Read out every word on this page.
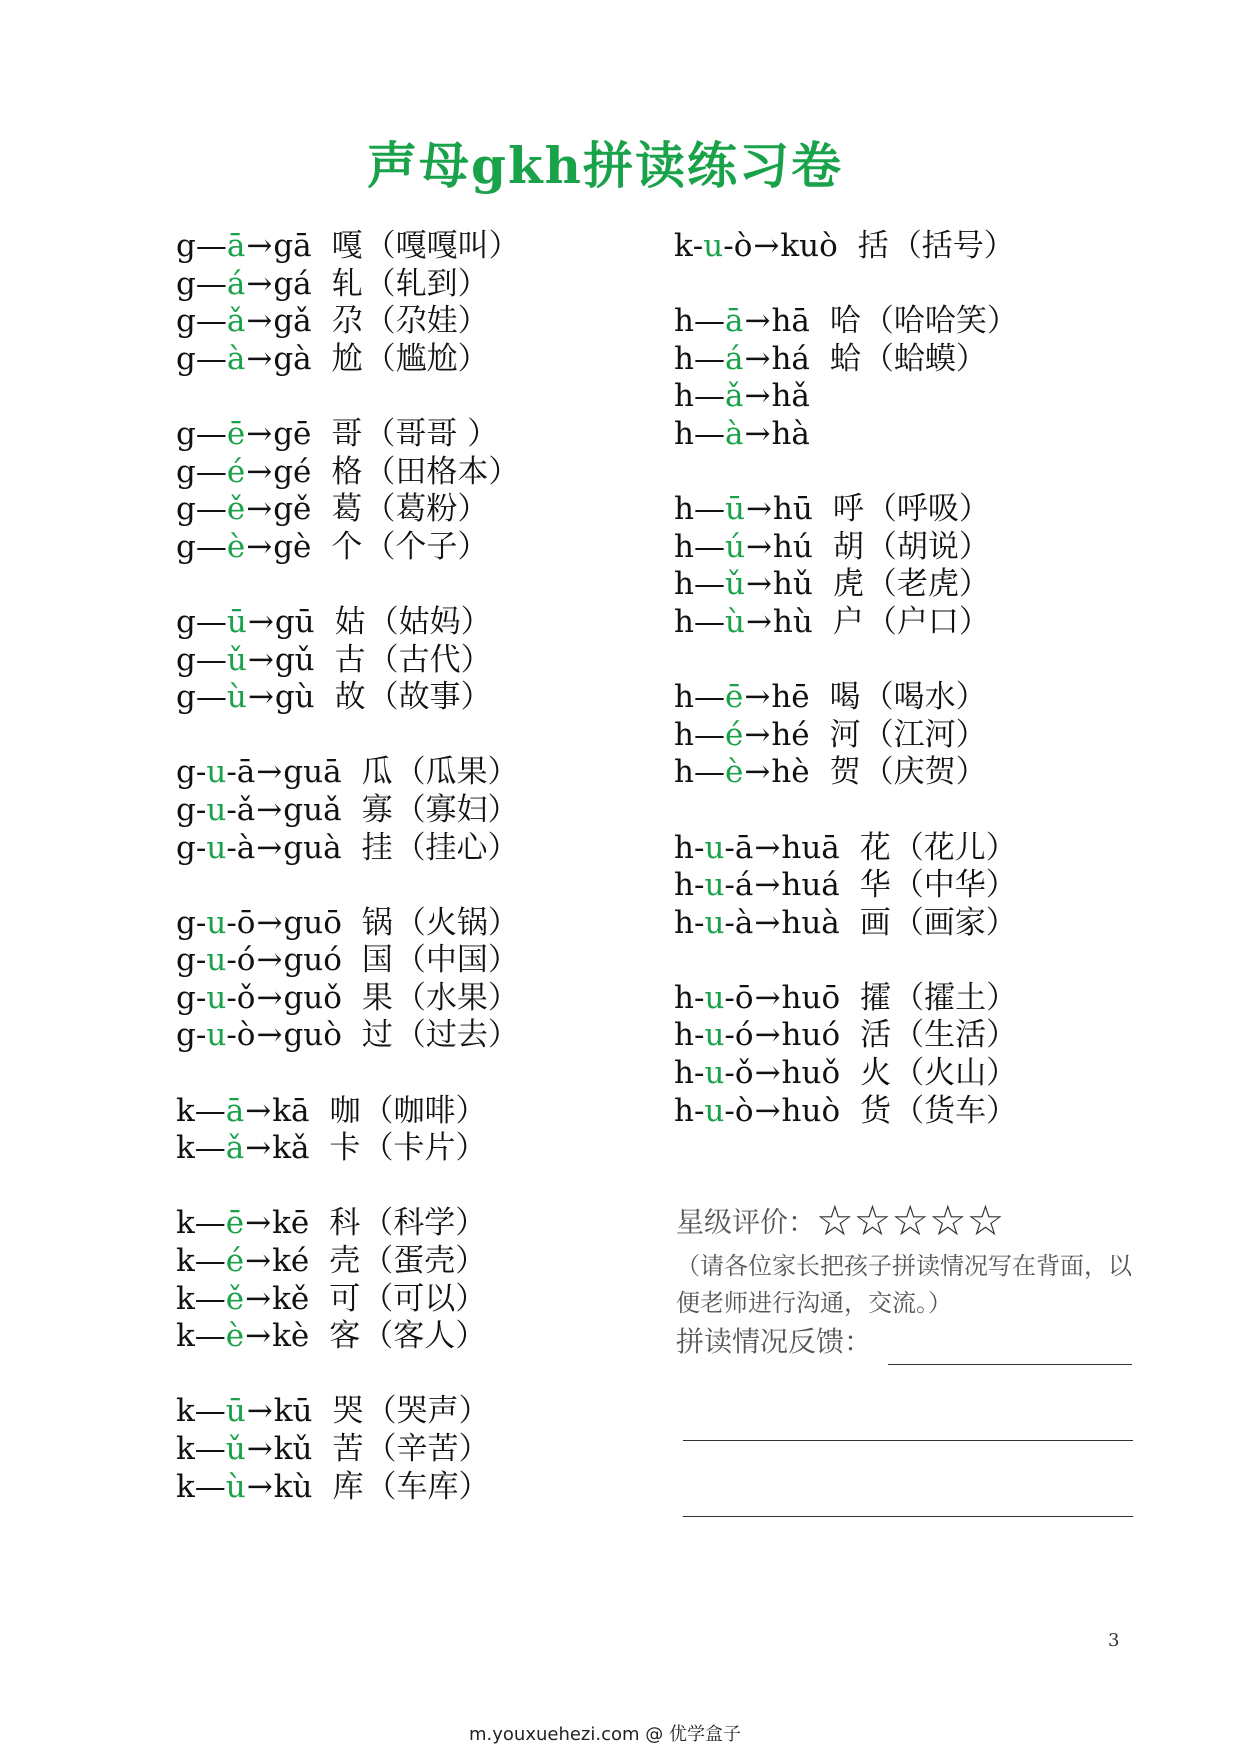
声母gkh拼读练习卷
g—ā→gā 嘎（嘎嘎叫）
g—á→gá 轧（轧到）
g—ǎ→gǎ 尕（尕娃）
g—à→gà 尬（尴尬）
g—ē→gē 哥（哥哥 ）
g—é→gé 格（田格本）
g—ě→gě 葛（葛粉）
g—è→gè 个（个子）
g—ū→gū 姑（姑妈）
g—ǔ→gǔ 古（古代）
g—ù→gù 故（故事）
g-u-ā→guā 瓜（瓜果）
g-u-ǎ→guǎ 寡（寡妇）
g-u-à→guà 挂（挂心）
g-u-ō→guō 锅（火锅）
g-u-ó→guó 国（中国）
g-u-ǒ→guǒ 果（水果）
g-u-ò→guò 过（过去）
k—ā→kā 咖（咖啡）
k—ǎ→kǎ 卡（卡片）
k—ē→kē 科（科学）
k—é→ké 壳（蛋壳）
k—ě→kě 可（可以）
k—è→kè 客（客人）
k—ū→kū 哭（哭声）
k—ǔ→kǔ 苦（辛苦）
k—ù→kù 库（车库）
k-u-ò→kuò 括（括号）
h—ā→hā 哈（哈哈笑）
h—á→há 蛤（蛤蟆）
h—ǎ→hǎ
h—à→hà
h—ū→hū 呼（呼吸）
h—ú→hú 胡（胡说）
h—ǔ→hǔ 虎（老虎）
h—ù→hù 户（户口）
h—ē→hē 喝（喝水）
h—é→hé 河（江河）
h—è→hè 贺（庆贺）
h-u-ā→huā 花（花儿）
h-u-á→huá 华（中华）
h-u-à→huà 画（画家）
h-u-ō→huō 攉（攉土）
h-u-ó→huó 活（生活）
h-u-ǒ→huǒ 火（火山）
h-u-ò→huò 货（货车）
星级评价：☆☆☆☆☆
（请各位家长把孩子拼读情况写在背面，以便老师进行沟通，交流。）
拼读情况反馈：
3
m.youxuehezi.com @ 优学盒子
